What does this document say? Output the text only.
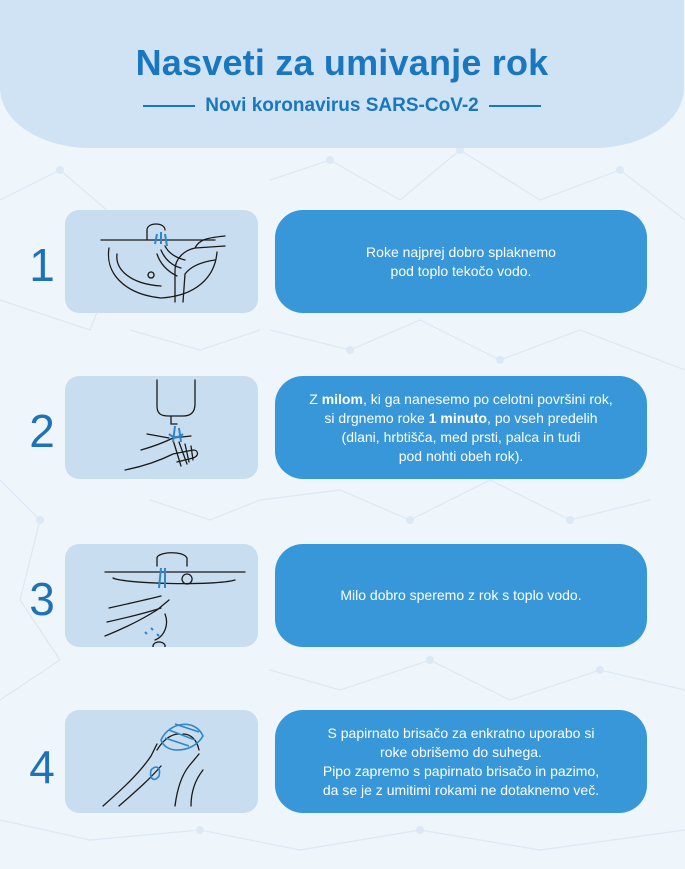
Nasveti za umivanje rok
Novi koronavirus SARS-CoV-2
1	Roke najprej dobro splaknemo
pod toplo tekočo vodo.
2
Z milom, ki ga nanesemo po celotni površini rok,
si drgnemo roke 1 minuto, po vseh predelih
(dlani, hrbtišča, med prsti, palca in tudi
pod nohti obeh rok).
3	Milo dobro speremo z rok s toplo vodo.
4
S papirnato brisačo za enkratno uporabo si
roke obrišemo do suhega.
Pipo zapremo s papirnato brisačo in pazimo,
da se je z umitimi rokami ne dotaknemo več.
